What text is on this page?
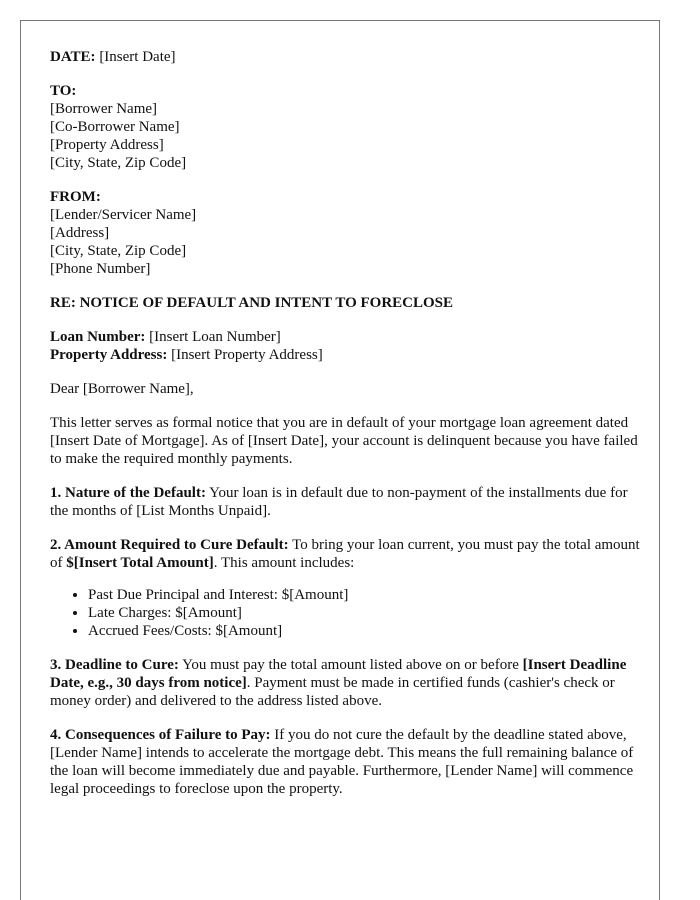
DATE: [Insert Date]
TO:
[Borrower Name]
[Co-Borrower Name]
[Property Address]
[City, State, Zip Code]
FROM:
[Lender/Servicer Name]
[Address]
[City, State, Zip Code]
[Phone Number]
RE: NOTICE OF DEFAULT AND INTENT TO FORECLOSE
Loan Number: [Insert Loan Number]
Property Address: [Insert Property Address]

Dear [Borrower Name],

This letter serves as formal notice that you are in default of your mortgage loan agreement dated [Insert Date of Mortgage]. As of [Insert Date], your account is delinquent because you have failed to make the required monthly payments.

1. Nature of the Default: Your loan is in default due to non-payment of the installments due for the months of [List Months Unpaid].

2. Amount Required to Cure Default: To bring your loan current, you must pay the total amount of $[Insert Total Amount]. This amount includes:

• Past Due Principal and Interest: $[Amount]
• Late Charges: $[Amount]
• Accrued Fees/Costs: $[Amount]

3. Deadline to Cure: You must pay the total amount listed above on or before [Insert Deadline Date, e.g., 30 days from notice]. Payment must be made in certified funds (cashier's check or money order) and delivered to the address listed above.

4. Consequences of Failure to Pay: If you do not cure the default by the deadline stated above, [Lender Name] intends to accelerate the mortgage debt. This means the full remaining balance of the loan will become immediately due and payable. Furthermore, [Lender Name] will commence legal proceedings to foreclose upon the property.
